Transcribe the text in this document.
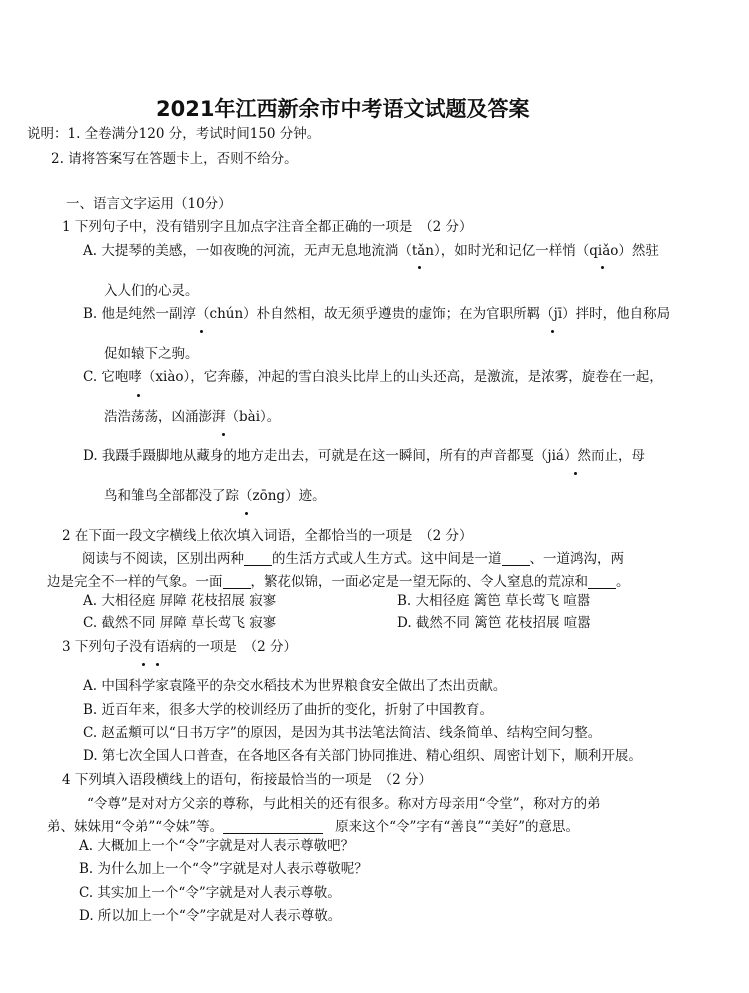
2021年江西新余市中考语文试题及答案
说明：1. 全卷满分120 分，考试时间150 分钟。
2. 请将答案写在答题卡上，否则不给分。
一、语言文字运用（10分）
1 下列句子中，没有错别字且加点字注音全都正确的一项是　（2 分）
A. 大提琴的美感，一如夜晚的河流，无声无息地流淌（tǎn），如时光和记亿一样悄（qiǎo）然驻
入人们的心灵。
B. 他是纯然一副淳（chún）朴自然相，故无须乎遵贵的虚饰；在为官职所羁（jī）拌时，他自称局
促如辕下之驹。
C. 它咆哮（xiào），它奔藤，冲起的雪白浪头比岸上的山头还高，是激流，是浓雾，旋卷在一起，
浩浩荡荡，凶涌澎湃（bài）。
D. 我蹑手蹑脚地从藏身的地方走出去，可就是在这一瞬间，所有的声音都戛（jiá）然而止，母
鸟和雏鸟全部都没了踪（zōng）迹。
2 在下面一段文字横线上依次填入词语，全都恰当的一项是　（2 分）
阅读与不阅读，区别出两种 的生活方式或人生方式。这中间是一道 、一道鸿沟，两
边是完全不一样的气象。一面 ，繁花似锦，一面必定是一望无际的、令人窒息的荒凉和 。
A. 大相径庭 屏障 花枝招展 寂寥	B. 大相径庭 篱笆 草长莺飞 喧嚣
C. 截然不同 屏障 草长莺飞 寂寥	D. 截然不同 篱笆 花枝招展 喧嚣
3 下列句子没有语病的一项是　（2 分）
A. 中国科学家袁隆平的杂交水稻技术为世界粮食安全做出了杰出贡献。
B. 近百年来，很多大学的校训经历了曲折的变化，折射了中国教育。
C. 赵孟頫可以“日书万字”的原因，是因为其书法笔法简洁、线条简单、结构空间匀整。
D. 第七次全国人口普查，在各地区各有关部门协同推进、精心组织、周密计划下，顺利开展。
4 下列填入语段横线上的语句，衔接最恰当的一项是　（2 分）
“令尊”是对对方父亲的尊称，与此相关的还有很多。称对方母亲用“令堂”，称对方的弟
弟、妹妹用“令弟”“令妹”等。	原来这个“令”字有“善良”“美好”的意思。
A. 大概加上一个“令”字就是对人表示尊敬吧？
B. 为什么加上一个“令”字就是对人表示尊敬呢？
C. 其实加上一个“令”字就是对人表示尊敬。
D. 所以加上一个“令”字就是对人表示尊敬。
